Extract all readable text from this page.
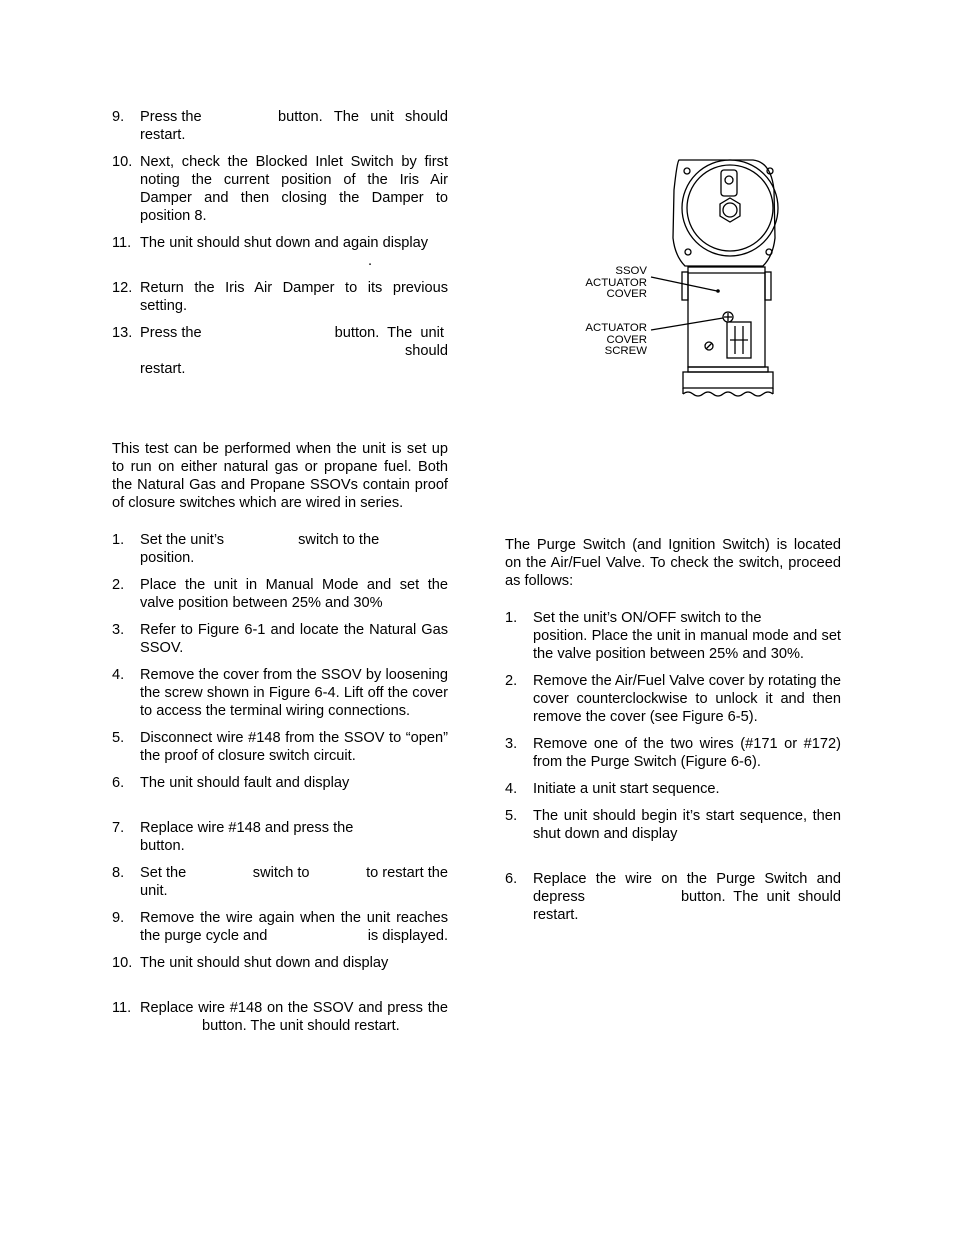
9. Press the	button. The unit should
restart.
10. Next, check the Blocked Inlet Switch by first noting the current position of the Iris Air Damper and then closing the Damper to position 8.
11. The unit should shut down and again display
.
12. Return the Iris Air Damper to its previous setting.
13. Press the	button.  The  unit  should
restart.

This test can be performed when the unit is set up to run on either natural gas or propane fuel. Both the Natural Gas and Propane SSOVs contain proof of closure switches which are wired in series.

1. Set the unit’s	switch to the
position.
2. Place the unit in Manual Mode and set the valve position between 25% and 30%
3. Refer to Figure 6-1 and locate the Natural Gas SSOV.
4. Remove the cover from the SSOV by loosening the screw shown in Figure 6-4. Lift off the cover to access the terminal wiring connections.
5. Disconnect wire #148 from the SSOV to “open” the proof of closure switch circuit.
6. The unit should fault and display
7. Replace wire #148 and press the
button.
8. Set the	switch to	to restart the
unit.
9. Remove the wire again when the unit reaches the purge cycle and	is displayed.
10. The unit should shut down and display
11. Replace wire #148 on the SSOV and press the button. The unit should restart.
SSOV
ACTUATOR
COVER
ACTUATOR
COVER
SCREW

The Purge Switch (and Ignition Switch) is located on the Air/Fuel Valve. To check the switch, proceed as follows:

1. Set the unit’s ON/OFF switch to the
position. Place the unit in manual mode and set the valve position between 25% and 30%.
2. Remove the Air/Fuel Valve cover by rotating the cover counterclockwise to unlock it and then remove the cover (see Figure 6-5).
3. Remove one of the two wires (#171 or #172) from the Purge Switch (Figure 6-6).
4. Initiate a unit start sequence.
5. The unit should begin it’s start sequence, then shut down and display
6. Replace the wire on the Purge Switch and depress	button. The unit should restart.
